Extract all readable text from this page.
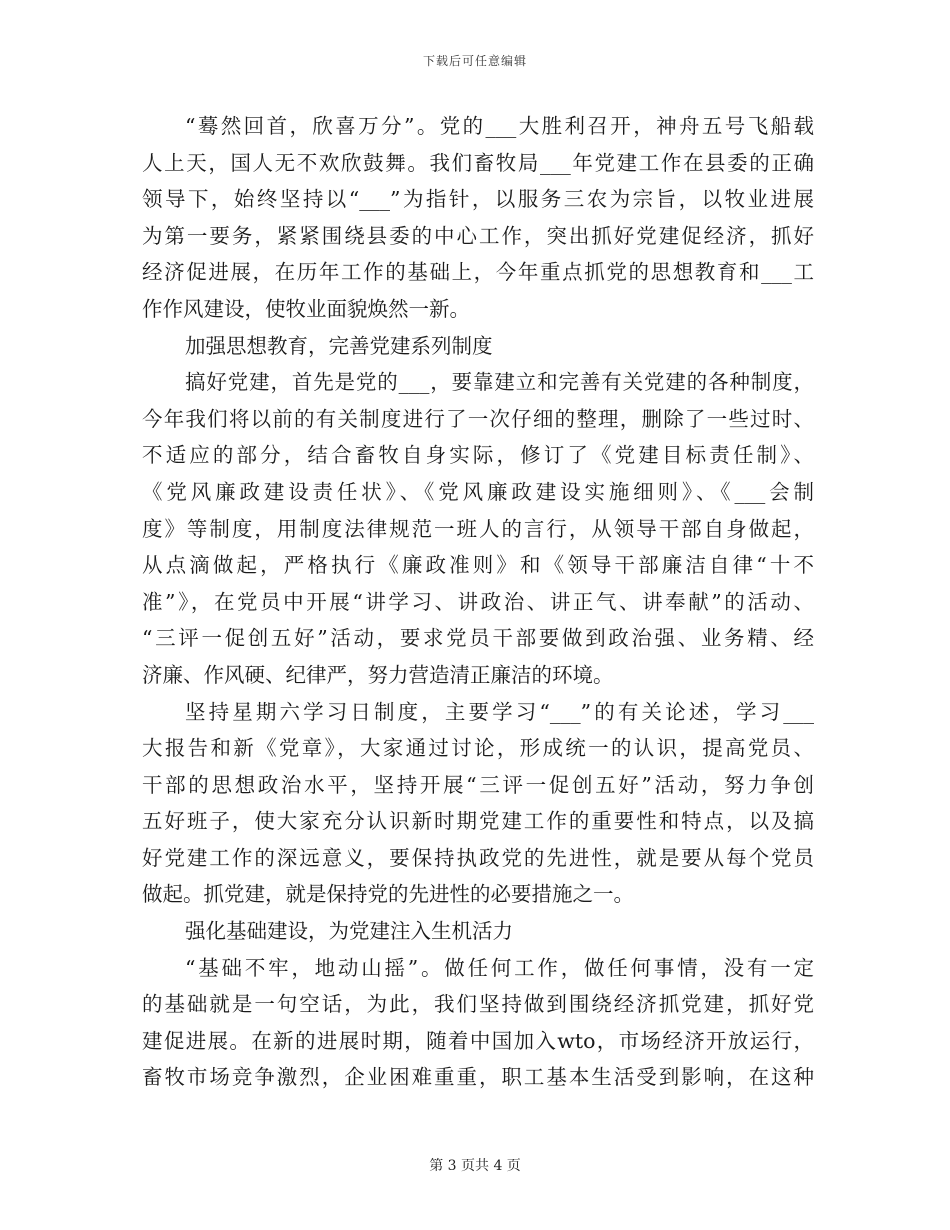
下载后可任意编辑
“蓦然回首，欣喜万分”。党的___大胜利召开，神舟五号飞船载
人上天，国人无不欢欣鼓舞。我们畜牧局___年党建工作在县委的正确
领导下，始终坚持以“___”为指针，以服务三农为宗旨，以牧业进展
为第一要务，紧紧围绕县委的中心工作，突出抓好党建促经济，抓好
经济促进展，在历年工作的基础上，今年重点抓党的思想教育和___工
作作风建设，使牧业面貌焕然一新。
加强思想教育，完善党建系列制度
搞好党建，首先是党的___，要靠建立和完善有关党建的各种制度，
今年我们将以前的有关制度进行了一次仔细的整理，删除了一些过时、
不适应的部分，结合畜牧自身实际，修订了《党建目标责任制》、
《党风廉政建设责任状》、《党风廉政建设实施细则》、《___会制
度》等制度，用制度法律规范一班人的言行，从领导干部自身做起，
从点滴做起，严格执行《廉政准则》和《领导干部廉洁自律“十不
准”》，在党员中开展“讲学习、讲政治、讲正气、讲奉献”的活动、
“三评一促创五好”活动，要求党员干部要做到政治强、业务精、经
济廉、作风硬、纪律严，努力营造清正廉洁的环境。
坚持星期六学习日制度，主要学习“___”的有关论述，学习___
大报告和新《党章》，大家通过讨论，形成统一的认识，提高党员、
干部的思想政治水平，坚持开展“三评一促创五好”活动，努力争创
五好班子，使大家充分认识新时期党建工作的重要性和特点，以及搞
好党建工作的深远意义，要保持执政党的先进性，就是要从每个党员
做起。抓党建，就是保持党的先进性的必要措施之一。
强化基础建设，为党建注入生机活力
“基础不牢，地动山摇”。做任何工作，做任何事情，没有一定
的基础就是一句空话，为此，我们坚持做到围绕经济抓党建，抓好党
建促进展。在新的进展时期，随着中国加入wto，市场经济开放运行，
畜牧市场竞争激烈，企业困难重重，职工基本生活受到影响，在这种
第 3 页共 4 页
